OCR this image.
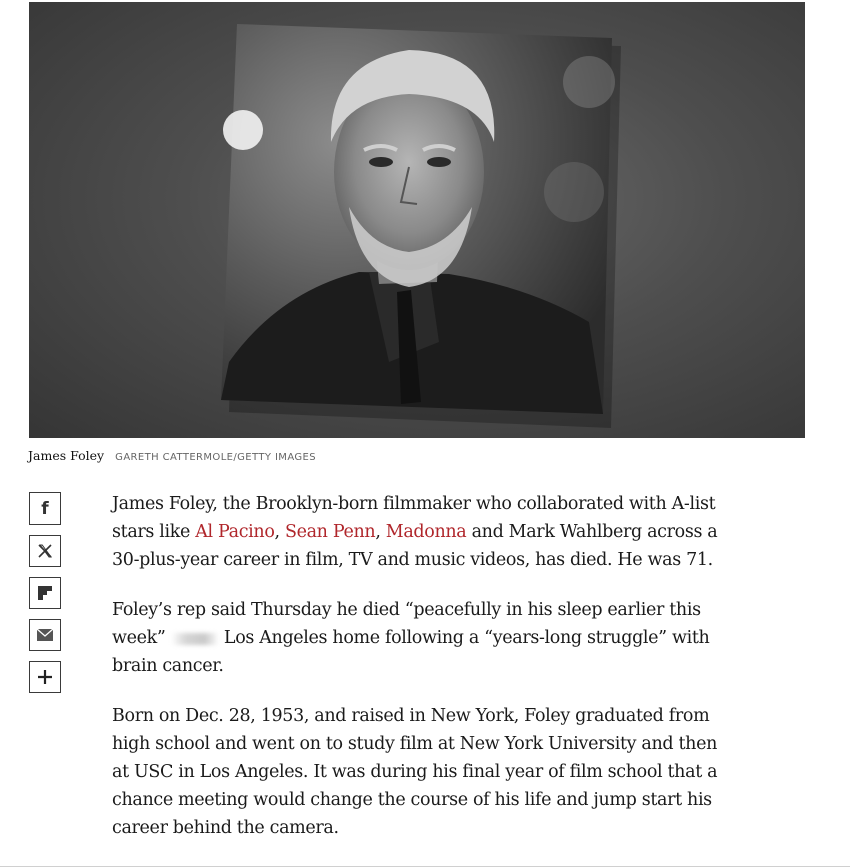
James Foley GARETH CATTERMOLE/GETTY IMAGES
f	James Foley, the Brooklyn-born filmmaker who collaborated with A-list stars like Al Pacino, Sean Penn, Madonna and Mark Wahlberg across a 30-plus-year career in film, TV and music videos, has died. He was 71.

Foley’s rep said Thursday he died “peacefully in his sleep earlier this week”	Los Angeles home following a “years-long struggle” with brain cancer.

Born on Dec. 28, 1953, and raised in New York, Foley graduated from high school and went on to study film at New York University and then at USC in Los Angeles. It was during his final year of film school that a chance meeting would change the course of his life and jump start his career behind the camera.
